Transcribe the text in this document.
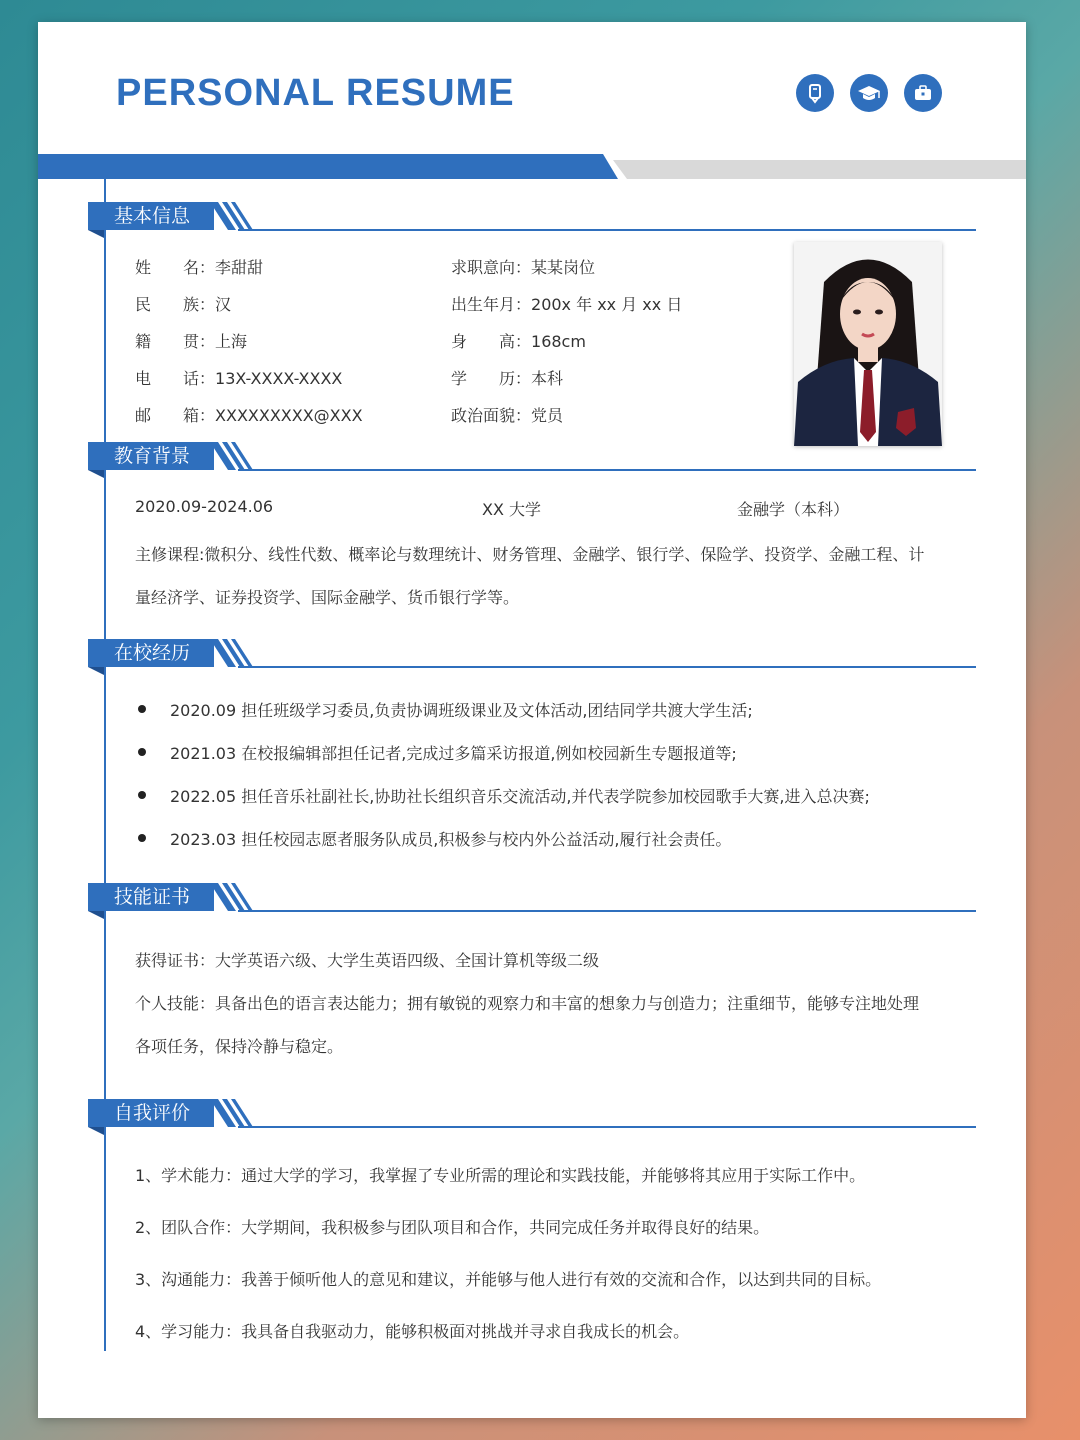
PERSONAL RESUME
基本信息
姓　　名：李甜甜
民　　族：汉
籍　　贯：上海
电　　话：13X-XXXX-XXXX
邮　　箱：XXXXXXXXX@XXX
求职意向：某某岗位
出生年月：200x 年 xx 月 xx 日
身　　高：168cm
学　　历：本科
政治面貌：党员
教育背景
2020.09-2024.06	XX 大学	金融学（本科）
主修课程:微积分、线性代数、概率论与数理统计、财务管理、金融学、银行学、保险学、投资学、金融工程、计
量经济学、证券投资学、国际金融学、货币银行学等。
在校经历
2020.09 担任班级学习委员,负责协调班级课业及文体活动,团结同学共渡大学生活;
2021.03 在校报编辑部担任记者,完成过多篇采访报道,例如校园新生专题报道等;
2022.05 担任音乐社副社长,协助社长组织音乐交流活动,并代表学院参加校园歌手大赛,进入总决赛;
2023.03 担任校园志愿者服务队成员,积极参与校内外公益活动,履行社会责任。
技能证书
获得证书：大学英语六级、大学生英语四级、全国计算机等级二级
个人技能：具备出色的语言表达能力；拥有敏锐的观察力和丰富的想象力与创造力；注重细节，能够专注地处理
各项任务，保持冷静与稳定。
自我评价
1、学术能力：通过大学的学习，我掌握了专业所需的理论和实践技能，并能够将其应用于实际工作中。
2、团队合作：大学期间，我积极参与团队项目和合作，共同完成任务并取得良好的结果。
3、沟通能力：我善于倾听他人的意见和建议，并能够与他人进行有效的交流和合作，以达到共同的目标。
4、学习能力：我具备自我驱动力，能够积极面对挑战并寻求自我成长的机会。
